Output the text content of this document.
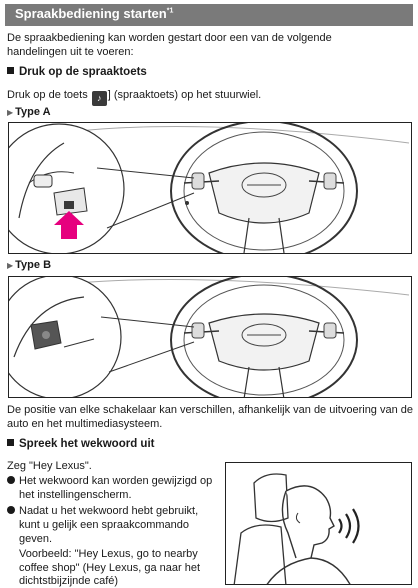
Spraakbediening starten$^{*1}$
De spraakbediening kan worden gestart door een van de volgende
handelingen uit te voeren:
Druk op de spraaktoets
Druk op de toets ♪ ] (spraaktoets) op het stuurwiel.
▶ Type A
▶ Type B
De positie van elke schakelaar kan verschillen, afhankelijk van de uitvoering van de
auto en het multimediasysteem.
Spreek het wekwoord uit
Zeg "Hey Lexus".
Het wekwoord kan worden gewijzigd op
het instellingenscherm.
Nadat u het wekwoord hebt gebruikt,
kunt u gelijk een spraakcommando
geven.
Voorbeeld: "Hey Lexus, go to nearby
coffee shop" (Hey Lexus, ga naar het
dichtstbijzijnde café)
